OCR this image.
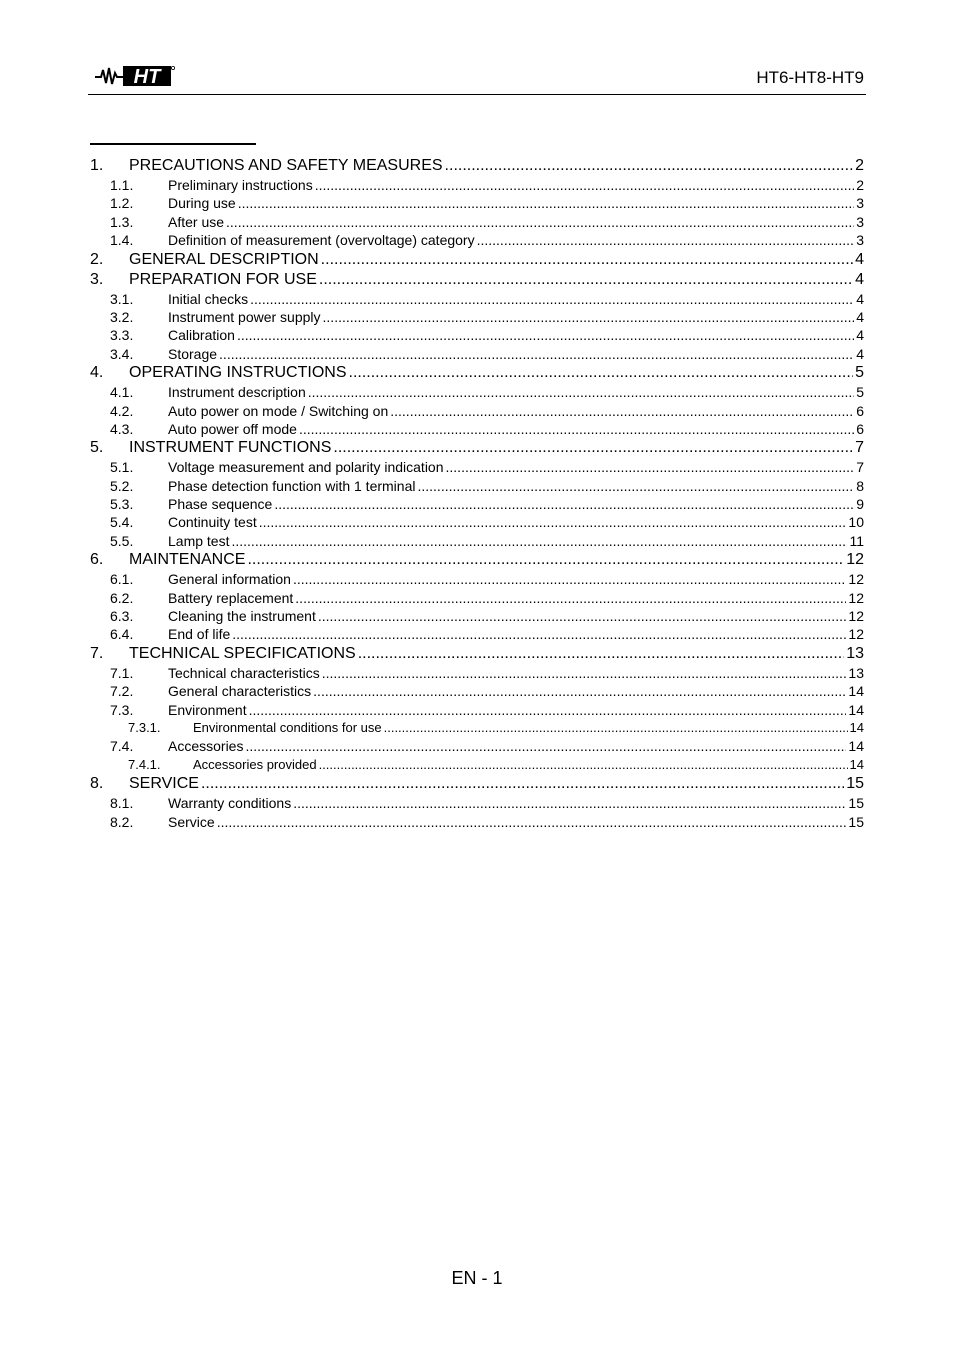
HT	HT6-HT8-HT9
1.	PRECAUTIONS AND SAFETY MEASURES .....	2
1.1.	Preliminary instructions .....	2
1.2.	During use .....	3
1.3.	After use .....	3
1.4.	Definition of measurement (overvoltage) category .....	3
2.	GENERAL DESCRIPTION .....	4
3.	PREPARATION FOR USE .....	4
3.1.	Initial checks .....	4
3.2.	Instrument power supply .....	4
3.3.	Calibration .....	4
3.4.	Storage .....	4
4.	OPERATING INSTRUCTIONS .....	5
4.1.	Instrument description .....	5
4.2.	Auto power on mode / Switching on .....	6
4.3.	Auto power off mode .....	6
5.	INSTRUMENT FUNCTIONS .....	7
5.1.	Voltage measurement and polarity indication .....	7
5.2.	Phase detection function with 1 terminal .....	8
5.3.	Phase sequence .....	9
5.4.	Continuity test .....	10
5.5.	Lamp test .....	11
6.	MAINTENANCE .....	12
6.1.	General information .....	12
6.2.	Battery replacement .....	12
6.3.	Cleaning the instrument .....	12
6.4.	End of life .....	12
7.	TECHNICAL SPECIFICATIONS .....	13
7.1.	Technical characteristics .....	13
7.2.	General characteristics .....	14
7.3.	Environment .....	14
7.3.1.	Environmental conditions for use .....	14
7.4.	Accessories .....	14
7.4.1.	Accessories provided .....	14
8.	SERVICE .....	15
8.1.	Warranty conditions .....	15
8.2.	Service .....	15
EN - 1
